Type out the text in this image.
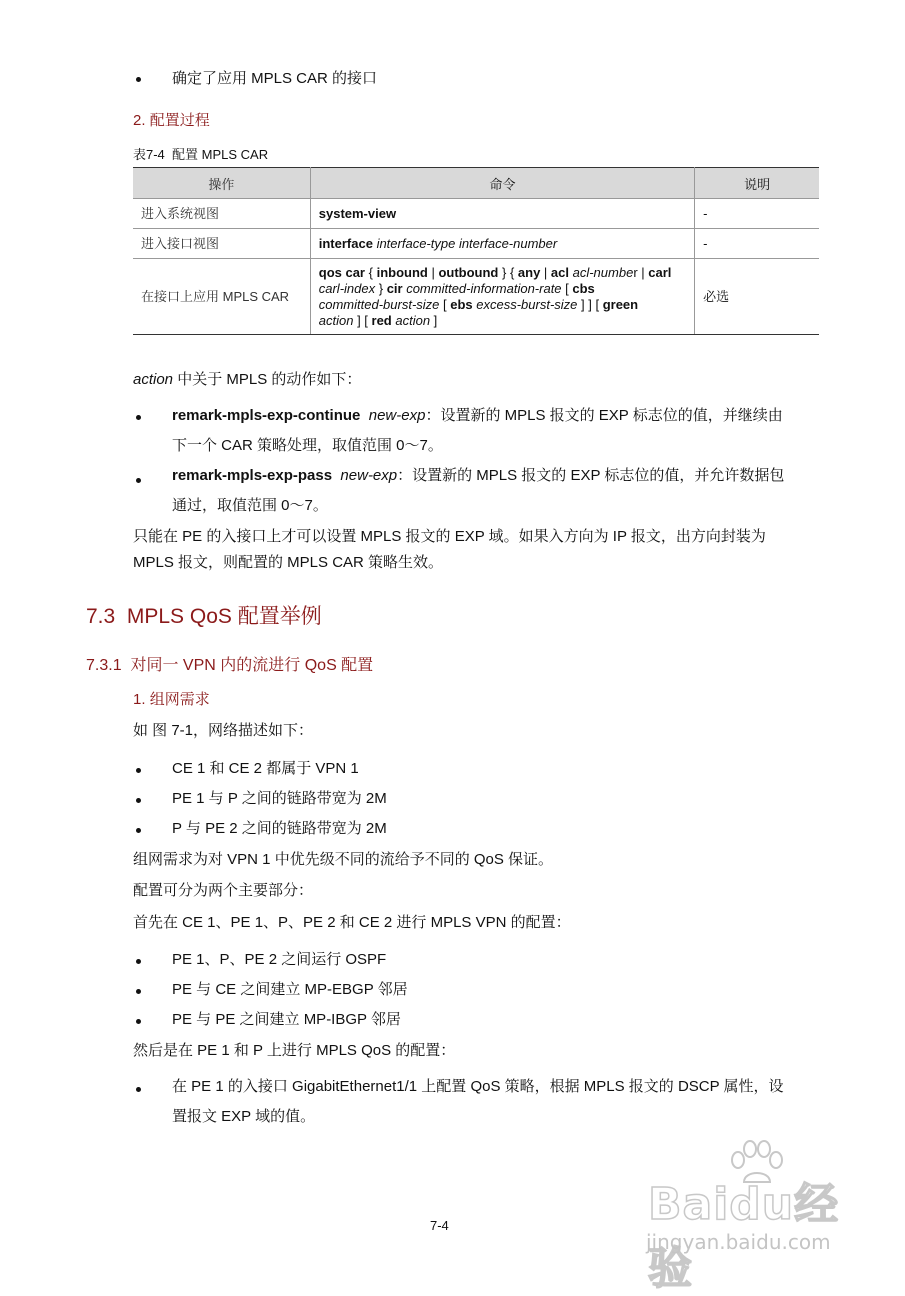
确定了应用 MPLS CAR 的接口
2. 配置过程
表7-4 配置 MPLS CAR
操作	命令	说明
进入系统视图	system-view	-
进入接口视图	interface interface-type interface-number	-
在接口上应用 MPLS CAR	qos car { inbound | outbound } { any | acl acl-number | carl
carl-index } cir committed-information-rate [ cbs
committed-burst-size [ ebs excess-burst-size ] ] [ green
action ] [ red action ]	必选
action 中关于 MPLS 的动作如下：
remark-mpls-exp-continue new-exp：设置新的 MPLS 报文的 EXP 标志位的值，并继续由
下一个 CAR 策略处理，取值范围 0～7。
remark-mpls-exp-pass new-exp：设置新的 MPLS 报文的 EXP 标志位的值，并允许数据包
通过，取值范围 0～7。
只能在 PE 的入接口上才可以设置 MPLS 报文的 EXP 域。如果入方向为 IP 报文，出方向封装为
MPLS 报文，则配置的 MPLS CAR 策略生效。
7.3 MPLS QoS 配置举例
7.3.1 对同一 VPN 内的流进行 QoS 配置
1. 组网需求
如 图 7-1，网络描述如下：
CE 1 和 CE 2 都属于 VPN 1
PE 1 与 P 之间的链路带宽为 2M
P 与 PE 2 之间的链路带宽为 2M
组网需求为对 VPN 1 中优先级不同的流给予不同的 QoS 保证。
配置可分为两个主要部分：
首先在 CE 1、PE 1、P、PE 2 和 CE 2 进行 MPLS VPN 的配置：
PE 1、P、PE 2 之间运行 OSPF
PE 与 CE 之间建立 MP-EBGP 邻居
PE 与 PE 之间建立 MP-IBGP 邻居
然后是在 PE 1 和 P 上进行 MPLS QoS 的配置：
在 PE 1 的入接口 GigabitEthernet1/1 上配置 QoS 策略，根据 MPLS 报文的 DSCP 属性，设
置报文 EXP 域的值。
7-4	Baidu经验
jingyan.baidu.com
